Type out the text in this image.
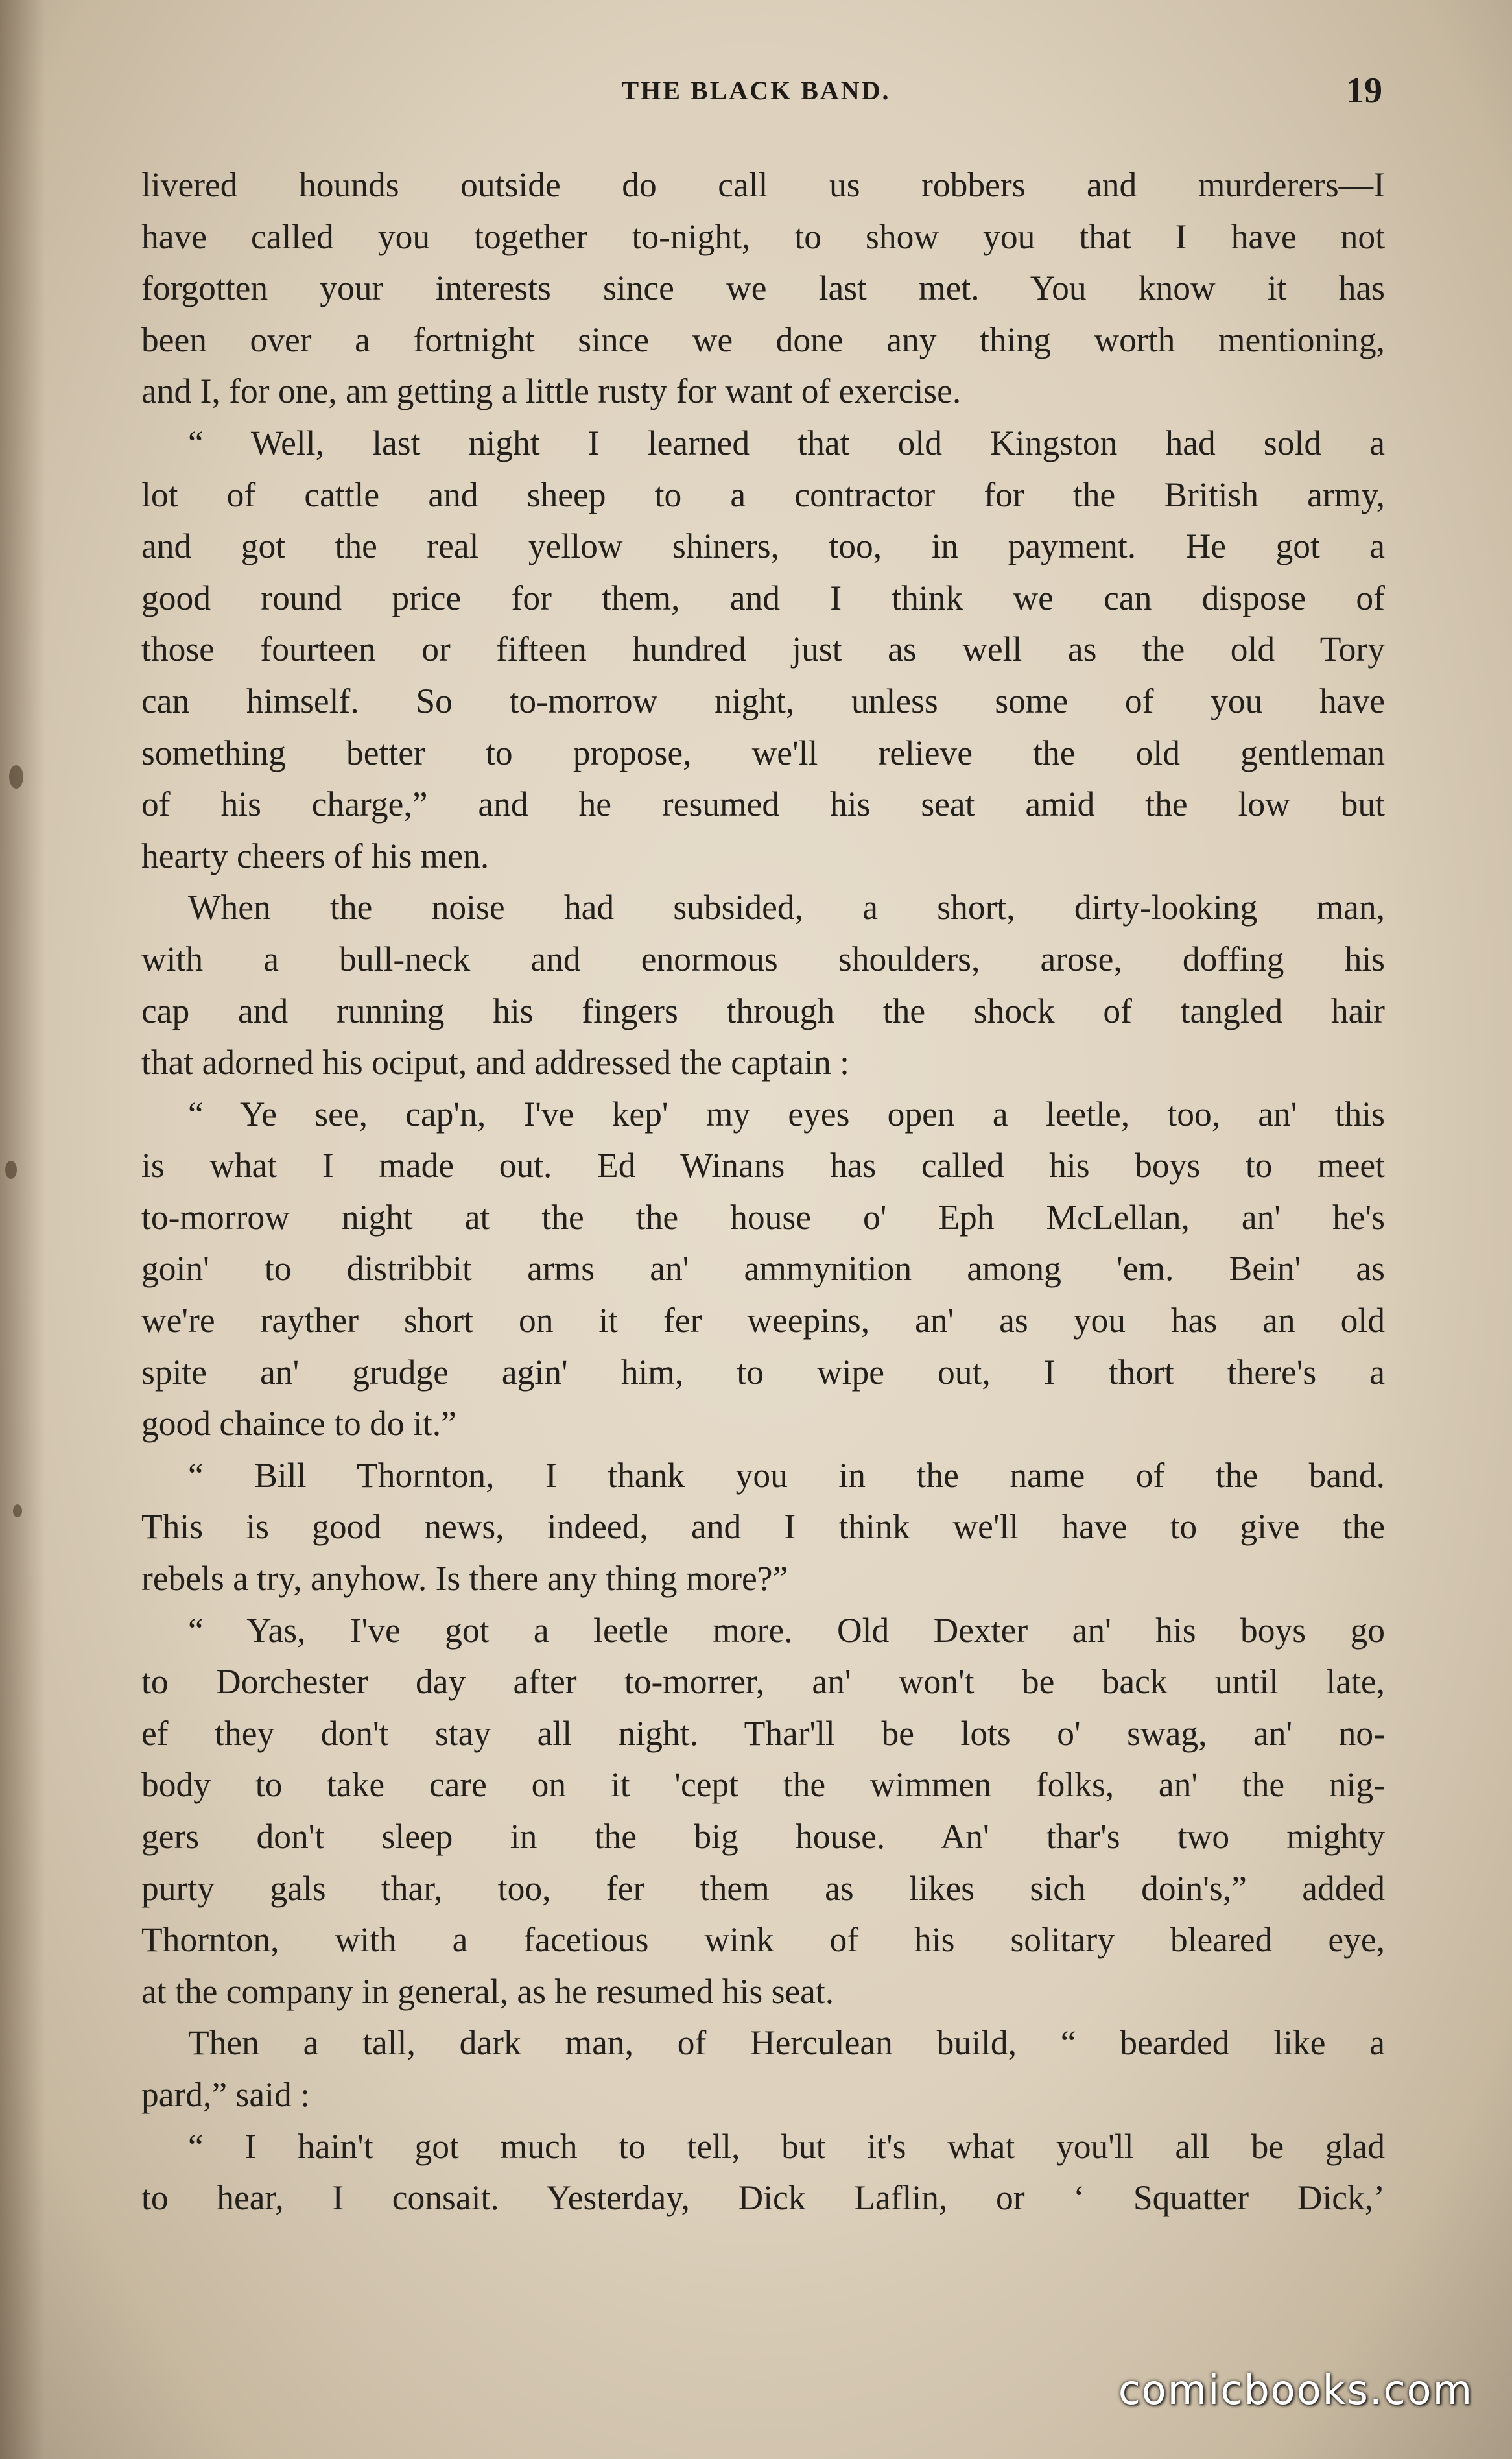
THE BLACK BAND.	19
livered hounds outside do call us robbers and murderers—I
have called you together to-night, to show you that I have not
forgotten your interests since we last met. You know it has
been over a fortnight since we done any thing worth mentioning,
and I, for one, am getting a little rusty for want of exercise.
“ Well, last night I learned that old Kingston had sold a
lot of cattle and sheep to a contractor for the British army,
and got the real yellow shiners, too, in payment. He got a
good round price for them, and I think we can dispose of
those fourteen or fifteen hundred just as well as the old Tory
can himself. So to-morrow night, unless some of you have
something better to propose, we'll relieve the old gentleman
of his charge,” and he resumed his seat amid the low but
hearty cheers of his men.
When the noise had subsided, a short, dirty-looking man,
with a bull-neck and enormous shoulders, arose, doffing his
cap and running his fingers through the shock of tangled hair
that adorned his ociput, and addressed the captain :
“ Ye see, cap'n, I've kep' my eyes open a leetle, too, an' this
is what I made out. Ed Winans has called his boys to meet
to-morrow night at the the house o' Eph McLellan, an' he's
goin' to distribbit arms an' ammynition among 'em. Bein' as
we're rayther short on it fer weepins, an' as you has an old
spite an' grudge agin' him, to wipe out, I thort there's a
good chaince to do it.”
“ Bill Thornton, I thank you in the name of the band.
This is good news, indeed, and I think we'll have to give the
rebels a try, anyhow. Is there any thing more?”
“ Yas, I've got a leetle more. Old Dexter an' his boys go
to Dorchester day after to-morrer, an' won't be back until late,
ef they don't stay all night. Thar'll be lots o' swag, an' no-
body to take care on it 'cept the wimmen folks, an' the nig-
gers don't sleep in the big house. An' thar's two mighty
purty gals thar, too, fer them as likes sich doin's,” added
Thornton, with a facetious wink of his solitary bleared eye,
at the company in general, as he resumed his seat.
Then a tall, dark man, of Herculean build, “ bearded like a
pard,” said :
“ I hain't got much to tell, but it's what you'll all be glad
to hear, I consait. Yesterday, Dick Laflin, or ‘ Squatter Dick,’
comicbooks.com
